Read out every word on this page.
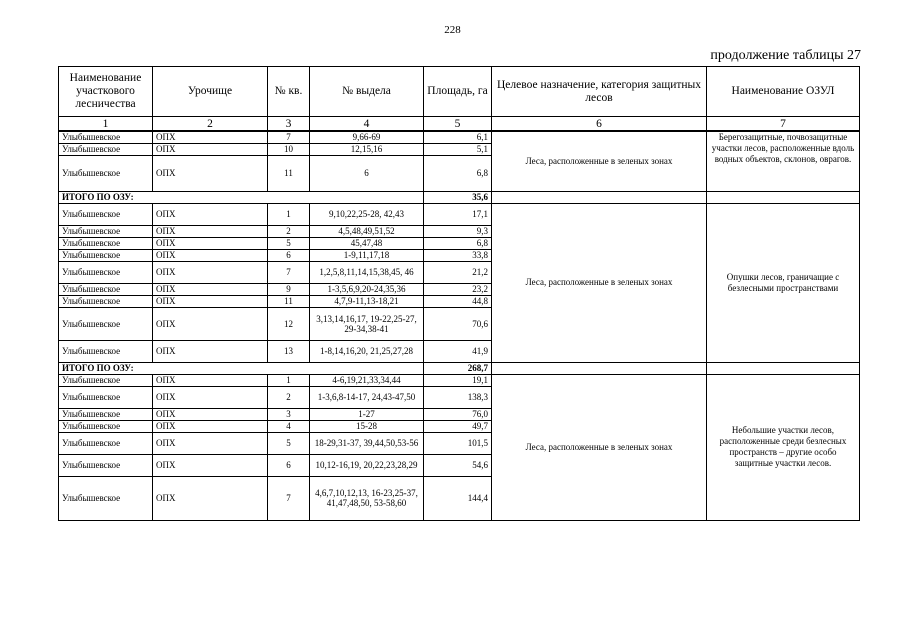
228
продолжение таблицы 27
Наименование участкового лесничества	Урочище	№ кв.	№ выдела	Площадь, га	Целевое назначение, категория защитных лесов	Наименование ОЗУЛ
1	2	3	4	5	6	7
Улыбышевское	ОПХ	7	9,66-69	6,1	Леса, расположенные в зеленых зонах	Берегозащитные, почвозащитные участки лесов, расположенные вдоль водных объектов, склонов, оврагов.
Улыбышевское	ОПХ	10	12,15,16	5,1		
Улыбышевское	ОПХ	11	6	6,8		
ИТОГО ПО ОЗУ:				35,6		
Улыбышевское	ОПХ	1	9,10,22,25-28, 42,43	17,1	Леса, расположенные в зеленых зонах	Опушки лесов, граничащие с безлесными пространствами
Улыбышевское	ОПХ	2	4,5,48,49,51,52	9,3		
Улыбышевское	ОПХ	5	45,47,48	6,8		
Улыбышевское	ОПХ	6	1-9,11,17,18	33,8		
Улыбышевское	ОПХ	7	1,2,5,8,11,14,15,38,45, 46	21,2		
Улыбышевское	ОПХ	9	1-3,5,6,9,20-24,35,36	23,2		
Улыбышевское	ОПХ	11	4,7,9-11,13-18,21	44,8		
Улыбышевское	ОПХ	12	3,13,14,16,17, 19-22,25-27, 29-34,38-41	70,6		
Улыбышевское	ОПХ	13	1-8,14,16,20, 21,25,27,28	41,9		
ИТОГО ПО ОЗУ:				268,7		
Улыбышевское	ОПХ	1	4-6,19,21,33,34,44	19,1	Леса, расположенные в зеленых зонах	Небольшие участки лесов, расположенные среди безлесных пространств – другие особо защитные участки лесов.
Улыбышевское	ОПХ	2	1-3,6,8-14-17, 24,43-47,50	138,3		
Улыбышевское	ОПХ	3	1-27	76,0		
Улыбышевское	ОПХ	4	15-28	49,7		
Улыбышевское	ОПХ	5	18-29,31-37, 39,44,50,53-56	101,5		
Улыбышевское	ОПХ	6	10,12-16,19, 20,22,23,28,29	54,6		
Улыбышевское	ОПХ	7	4,6,7,10,12,13, 16-23,25-37, 41,47,48,50, 53-58,60	144,4		
